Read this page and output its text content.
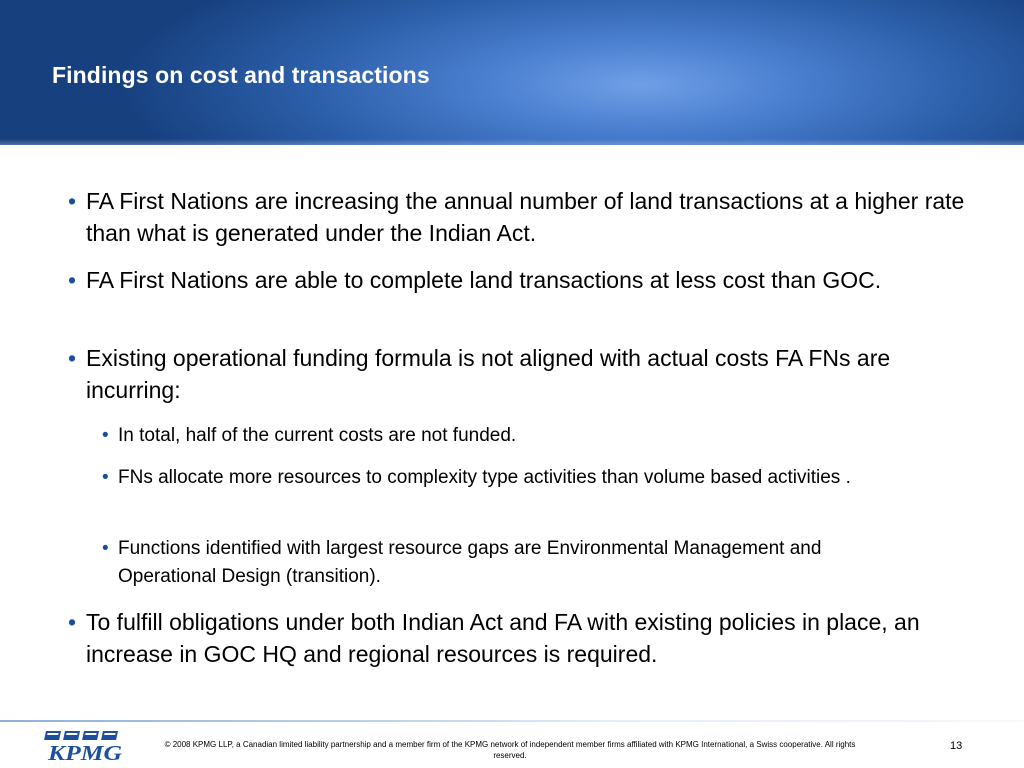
Findings on cost and transactions
• FA First Nations are increasing the annual number of land transactions at a higher rate than what is generated under the Indian Act.
• FA First Nations are able to complete land transactions at less cost than GOC.
• Existing operational funding formula is not aligned with actual costs FA FNs are incurring:
• In total, half of the current costs are not funded.
• FNs allocate more resources to complexity type activities than volume based activities .
• Functions identified with largest resource gaps are Environmental Management and Operational Design (transition).
• To fulfill obligations under both Indian Act and FA with existing policies in place, an increase in GOC HQ and regional resources is required.
KPMG	© 2008 KPMG LLP, a Canadian limited liability partnership and a member firm of the KPMG network of independent member firms affiliated with KPMG International, a Swiss cooperative. All rights reserved.
13
